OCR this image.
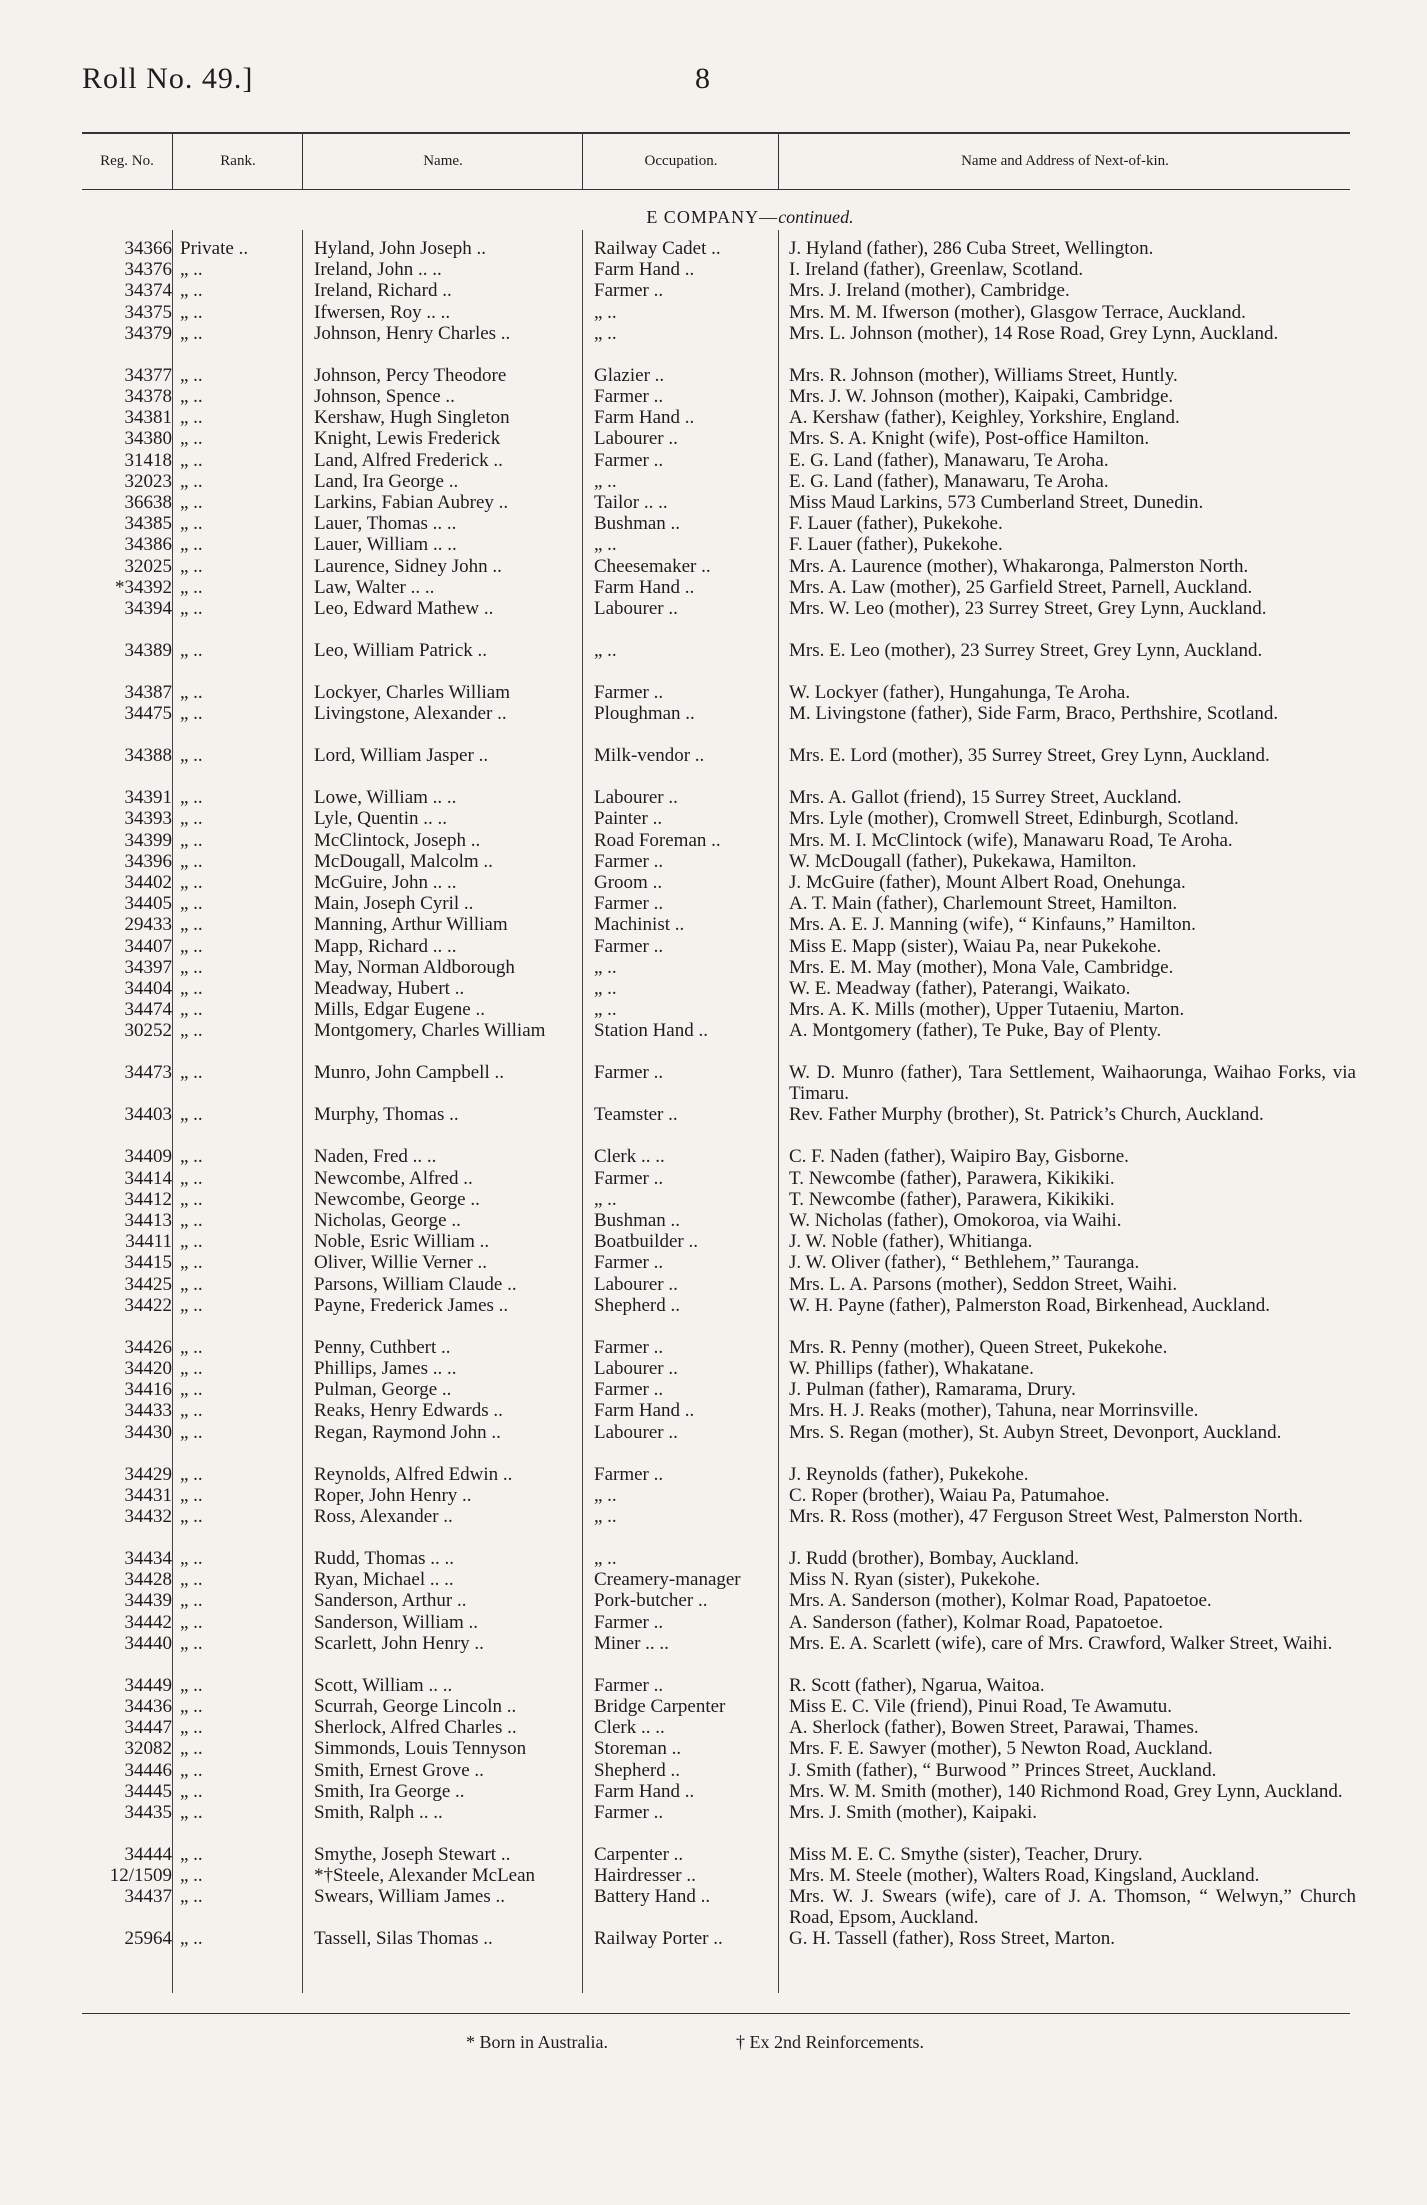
Roll No. 49.]	8
Reg. No.	Rank.	Name.	Occupation.	Name and Address of Next-of-kin.
E COMPANY—continued.
34366 Private ..	Hyland, John Joseph ..	Railway Cadet ..	J. Hyland (father), 286 Cuba Street, Wellington.
34376 „ ..	Ireland, John .. ..	Farm Hand ..	I. Ireland (father), Greenlaw, Scotland.
34374 „ ..	Ireland, Richard ..	Farmer ..	Mrs. J. Ireland (mother), Cambridge.
34375 „ ..	Ifwersen, Roy .. ..	„ ..	Mrs. M. M. Ifwerson (mother), Glasgow Terrace, Auckland.
34379 „ ..	Johnson, Henry Charles ..	„ ..	Mrs. L. Johnson (mother), 14 Rose Road, Grey Lynn, Auckland.
34377 „ ..	Johnson, Percy Theodore	Glazier ..	Mrs. R. Johnson (mother), Williams Street, Huntly.
34378 „ ..	Johnson, Spence ..	Farmer ..	Mrs. J. W. Johnson (mother), Kaipaki, Cambridge.
34381 „ ..	Kershaw, Hugh Singleton	Farm Hand ..	A. Kershaw (father), Keighley, Yorkshire, England.
34380 „ ..	Knight, Lewis Frederick	Labourer ..	Mrs. S. A. Knight (wife), Post-office Hamilton.
31418 „ ..	Land, Alfred Frederick ..	Farmer ..	E. G. Land (father), Manawaru, Te Aroha.
32023 „ ..	Land, Ira George ..	„ ..	E. G. Land (father), Manawaru, Te Aroha.
36638 „ ..	Larkins, Fabian Aubrey ..	Tailor .. ..	Miss Maud Larkins, 573 Cumberland Street, Dunedin.
34385 „ ..	Lauer, Thomas .. ..	Bushman ..	F. Lauer (father), Pukekohe.
34386 „ ..	Lauer, William .. ..	„ ..	F. Lauer (father), Pukekohe.
32025 „ ..	Laurence, Sidney John ..	Cheesemaker ..	Mrs. A. Laurence (mother), Whakaronga, Palmerston North.
*34392 „ ..	Law, Walter .. ..	Farm Hand ..	Mrs. A. Law (mother), 25 Garfield Street, Parnell, Auckland.
34394 „ ..	Leo, Edward Mathew ..	Labourer ..	Mrs. W. Leo (mother), 23 Surrey Street, Grey Lynn, Auckland.
34389 „ ..	Leo, William Patrick ..	„ ..	Mrs. E. Leo (mother), 23 Surrey Street, Grey Lynn, Auckland.
34387 „ ..	Lockyer, Charles William	Farmer ..	W. Lockyer (father), Hungahunga, Te Aroha.
34475 „ ..	Livingstone, Alexander ..	Ploughman ..	M. Livingstone (father), Side Farm, Braco, Perthshire, Scotland.
34388 „ ..	Lord, William Jasper ..	Milk-vendor ..	Mrs. E. Lord (mother), 35 Surrey Street, Grey Lynn, Auckland.
34391 „ ..	Lowe, William .. ..	Labourer ..	Mrs. A. Gallot (friend), 15 Surrey Street, Auckland.
34393 „ ..	Lyle, Quentin .. ..	Painter ..	Mrs. Lyle (mother), Cromwell Street, Edinburgh, Scotland.
34399 „ ..	McClintock, Joseph ..	Road Foreman ..	Mrs. M. I. McClintock (wife), Manawaru Road, Te Aroha.
34396 „ ..	McDougall, Malcolm ..	Farmer ..	W. McDougall (father), Pukekawa, Hamilton.
34402 „ ..	McGuire, John .. ..	Groom ..	J. McGuire (father), Mount Albert Road, Onehunga.
34405 „ ..	Main, Joseph Cyril ..	Farmer ..	A. T. Main (father), Charlemount Street, Hamilton.
29433 „ ..	Manning, Arthur William	Machinist ..	Mrs. A. E. J. Manning (wife), “ Kinfauns,” Hamilton.
34407 „ ..	Mapp, Richard .. ..	Farmer ..	Miss E. Mapp (sister), Waiau Pa, near Pukekohe.
34397 „ ..	May, Norman Aldborough	„ ..	Mrs. E. M. May (mother), Mona Vale, Cambridge.
34404 „ ..	Meadway, Hubert ..	„ ..	W. E. Meadway (father), Paterangi, Waikato.
34474 „ ..	Mills, Edgar Eugene ..	„ ..	Mrs. A. K. Mills (mother), Upper Tutaeniu, Marton.
30252 „ ..	Montgomery, Charles William	Station Hand ..	A. Montgomery (father), Te Puke, Bay of Plenty.
34473 „ ..	Munro, John Campbell ..	Farmer ..	W. D. Munro (father), Tara Settlement, Waihaorunga, Waihao Forks, via Timaru.
34403 „ ..	Murphy, Thomas ..	Teamster ..	Rev. Father Murphy (brother), St. Patrick’s Church, Auckland.
34409 „ ..	Naden, Fred .. ..	Clerk .. ..	C. F. Naden (father), Waipiro Bay, Gisborne.
34414 „ ..	Newcombe, Alfred ..	Farmer ..	T. Newcombe (father), Parawera, Kikikiki.
34412 „ ..	Newcombe, George ..	„ ..	T. Newcombe (father), Parawera, Kikikiki.
34413 „ ..	Nicholas, George ..	Bushman ..	W. Nicholas (father), Omokoroa, via Waihi.
34411 „ ..	Noble, Esric William ..	Boatbuilder ..	J. W. Noble (father), Whitianga.
34415 „ ..	Oliver, Willie Verner ..	Farmer ..	J. W. Oliver (father), “ Bethlehem,” Tauranga.
34425 „ ..	Parsons, William Claude ..	Labourer ..	Mrs. L. A. Parsons (mother), Seddon Street, Waihi.
34422 „ ..	Payne, Frederick James ..	Shepherd ..	W. H. Payne (father), Palmerston Road, Birkenhead, Auckland.
34426 „ ..	Penny, Cuthbert ..	Farmer ..	Mrs. R. Penny (mother), Queen Street, Pukekohe.
34420 „ ..	Phillips, James .. ..	Labourer ..	W. Phillips (father), Whakatane.
34416 „ ..	Pulman, George ..	Farmer ..	J. Pulman (father), Ramarama, Drury.
34433 „ ..	Reaks, Henry Edwards ..	Farm Hand ..	Mrs. H. J. Reaks (mother), Tahuna, near Morrinsville.
34430 „ ..	Regan, Raymond John ..	Labourer ..	Mrs. S. Regan (mother), St. Aubyn Street, Devonport, Auckland.
34429 „ ..	Reynolds, Alfred Edwin ..	Farmer ..	J. Reynolds (father), Pukekohe.
34431 „ ..	Roper, John Henry ..	„ ..	C. Roper (brother), Waiau Pa, Patumahoe.
34432 „ ..	Ross, Alexander ..	„ ..	Mrs. R. Ross (mother), 47 Ferguson Street West, Palmerston North.
34434 „ ..	Rudd, Thomas .. ..	„ ..	J. Rudd (brother), Bombay, Auckland.
34428 „ ..	Ryan, Michael .. ..	Creamery-manager	Miss N. Ryan (sister), Pukekohe.
34439 „ ..	Sanderson, Arthur ..	Pork-butcher ..	Mrs. A. Sanderson (mother), Kolmar Road, Papatoetoe.
34442 „ ..	Sanderson, William ..	Farmer ..	A. Sanderson (father), Kolmar Road, Papatoetoe.
34440 „ ..	Scarlett, John Henry ..	Miner .. ..	Mrs. E. A. Scarlett (wife), care of Mrs. Crawford, Walker Street, Waihi.
34449 „ ..	Scott, William .. ..	Farmer ..	R. Scott (father), Ngarua, Waitoa.
34436 „ ..	Scurrah, George Lincoln ..	Bridge Carpenter	Miss E. C. Vile (friend), Pinui Road, Te Awamutu.
34447 „ ..	Sherlock, Alfred Charles ..	Clerk .. ..	A. Sherlock (father), Bowen Street, Parawai, Thames.
32082 „ ..	Simmonds, Louis Tennyson	Storeman ..	Mrs. F. E. Sawyer (mother), 5 Newton Road, Auckland.
34446 „ ..	Smith, Ernest Grove ..	Shepherd ..	J. Smith (father), “ Burwood ” Princes Street, Auckland.
34445 „ ..	Smith, Ira George ..	Farm Hand ..	Mrs. W. M. Smith (mother), 140 Richmond Road, Grey Lynn, Auckland.
34435 „ ..	Smith, Ralph .. ..	Farmer ..	Mrs. J. Smith (mother), Kaipaki.
34444 „ ..	Smythe, Joseph Stewart ..	Carpenter ..	Miss M. E. C. Smythe (sister), Teacher, Drury.
12/1509 „ ..	*†Steele, Alexander McLean	Hairdresser ..	Mrs. M. Steele (mother), Walters Road, Kingsland, Auckland.
34437 „ ..	Swears, William James ..	Battery Hand ..	Mrs. W. J. Swears (wife), care of J. A. Thomson, “ Welwyn,” Church Road, Epsom, Auckland.
25964 „ ..	Tassell, Silas Thomas ..	Railway Porter ..	G. H. Tassell (father), Ross Street, Marton.
* Born in Australia.	† Ex 2nd Reinforcements.
